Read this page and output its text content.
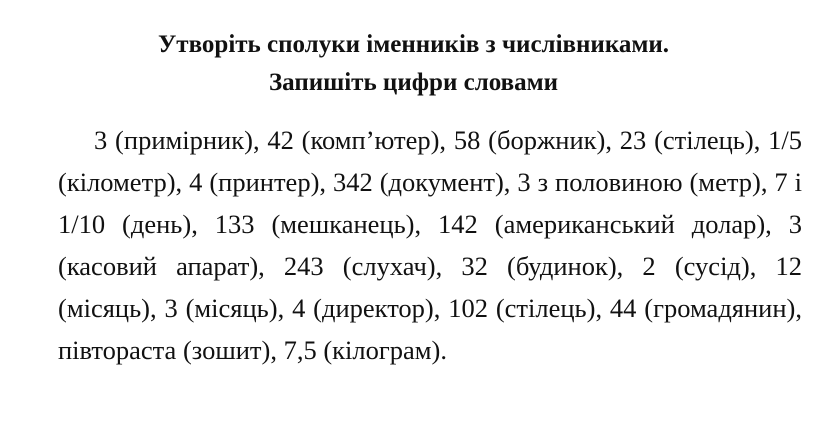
Утворіть сполуки іменників з числівниками.
Запишіть цифри словами
3 (примірник), 42 (комп’ютер), 58 (боржник), 23 (стілець), 1/5 (кілометр), 4 (принтер), 342 (документ), 3 з половиною (метр), 7 і 1/10 (день), 133 (мешканець), 142 (американський долар), 3 (касовий апарат), 243 (слухач), 32 (будинок), 2 (сусід), 12 (місяць), 3 (місяць), 4 (директор), 102 (стілець), 44 (громадянин), півтораста (зошит), 7,5 (кілограм).
